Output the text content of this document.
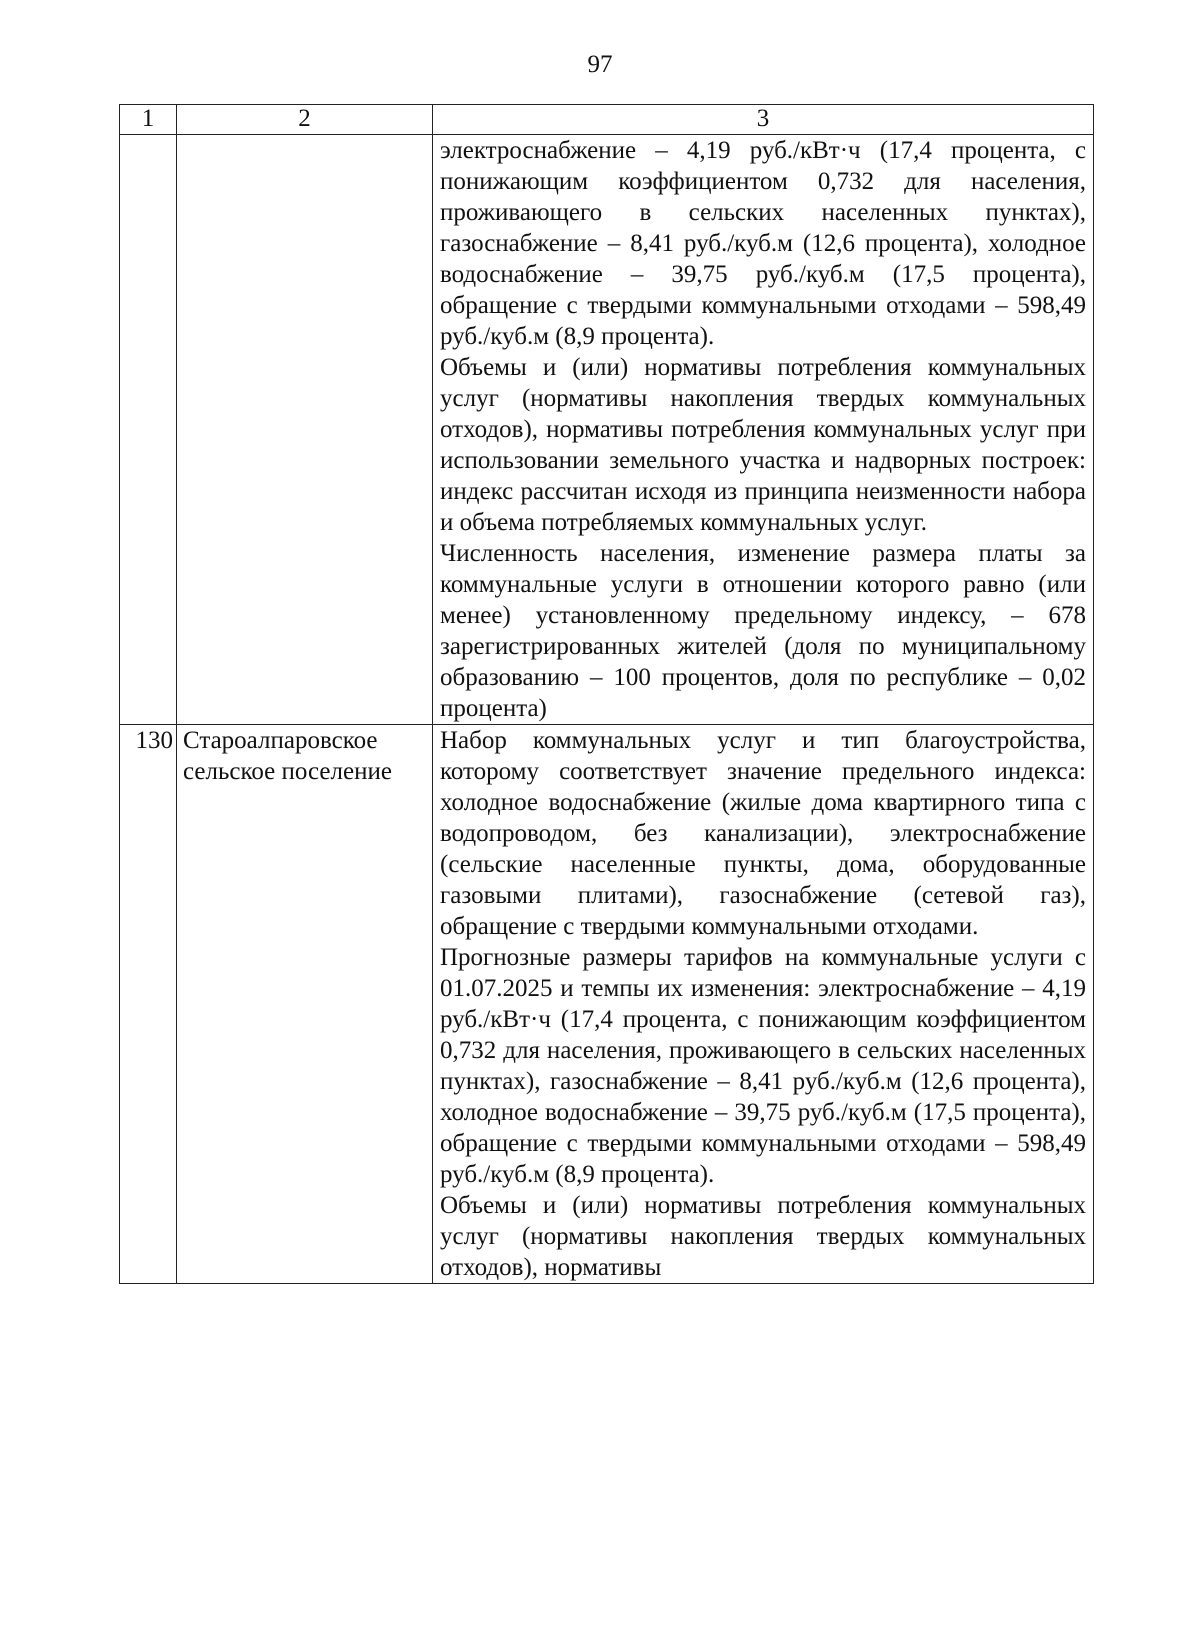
97
1	2	3

		электроснабжение – 4,19 руб./кВт·ч (17,4 процента, с понижающим коэффициентом 0,732 для населения, проживающего в сельских населенных пунктах), газоснабжение – 8,41 руб./куб.м (12,6 процента), холодное водоснабжение – 39,75 руб./куб.м (17,5 процента), обращение с твердыми коммунальными отходами – 598,49 руб./куб.м (8,9 процента).

Объемы и (или) нормативы потребления коммунальных услуг (нормативы накопления твердых коммунальных отходов), нормативы потребления коммунальных услуг при использовании земельного участка и надворных построек: индекс рассчитан исходя из принципа неизменности набора и объема потребляемых коммунальных услуг.

Численность населения, изменение размера платы за коммунальные услуги в отношении которого равно (или менее) установленному предельному индексу, – 678 зарегистрированных жителей (доля по муниципальному образованию – 100 процентов, доля по республике – 0,02 процента)

130	Староалпаровское сельское поселение	Набор коммунальных услуг и тип благоустройства, которому соответствует значение предельного индекса: холодное водоснабжение (жилые дома квартирного типа с водопроводом, без канализации), электроснабжение (сельские населенные пункты, дома, оборудованные газовыми плитами), газоснабжение (сетевой газ), обращение с твердыми коммунальными отходами.

Прогнозные размеры тарифов на коммунальные услуги с 01.07.2025 и темпы их изменения: электроснабжение – 4,19 руб./кВт·ч (17,4 процента, с понижающим коэффициентом 0,732 для населения, проживающего в сельских населенных пунктах), газоснабжение – 8,41 руб./куб.м (12,6 процента), холодное водоснабжение – 39,75 руб./куб.м (17,5 процента), обращение с твердыми коммунальными отходами – 598,49 руб./куб.м (8,9 процента).

Объемы и (или) нормативы потребления коммунальных услуг (нормативы накопления твердых коммунальных отходов), нормативы
